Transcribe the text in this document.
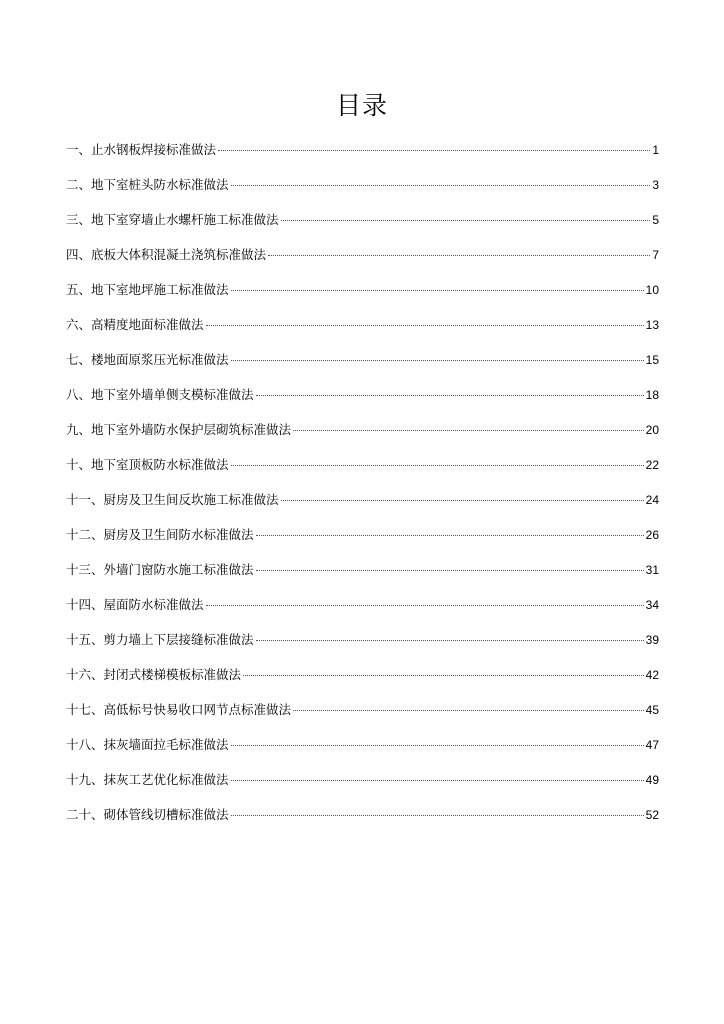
目录
一、止水钢板焊接标准做法	1
二、地下室桩头防水标准做法	3
三、地下室穿墙止水螺杆施工标准做法	5
四、底板大体积混凝土浇筑标准做法	7
五、地下室地坪施工标准做法	10
六、高精度地面标准做法	13
七、楼地面原浆压光标准做法	15
八、地下室外墙单侧支模标准做法	18
九、地下室外墙防水保护层砌筑标准做法	20
十、地下室顶板防水标准做法	22
十一、厨房及卫生间反坎施工标准做法	24
十二、厨房及卫生间防水标准做法	26
十三、外墙门窗防水施工标准做法	31
十四、屋面防水标准做法	34
十五、剪力墙上下层接缝标准做法	39
十六、封闭式楼梯模板标准做法	42
十七、高低标号快易收口网节点标准做法	45
十八、抹灰墙面拉毛标准做法	47
十九、抹灰工艺优化标准做法	49
二十、砌体管线切槽标准做法	52
